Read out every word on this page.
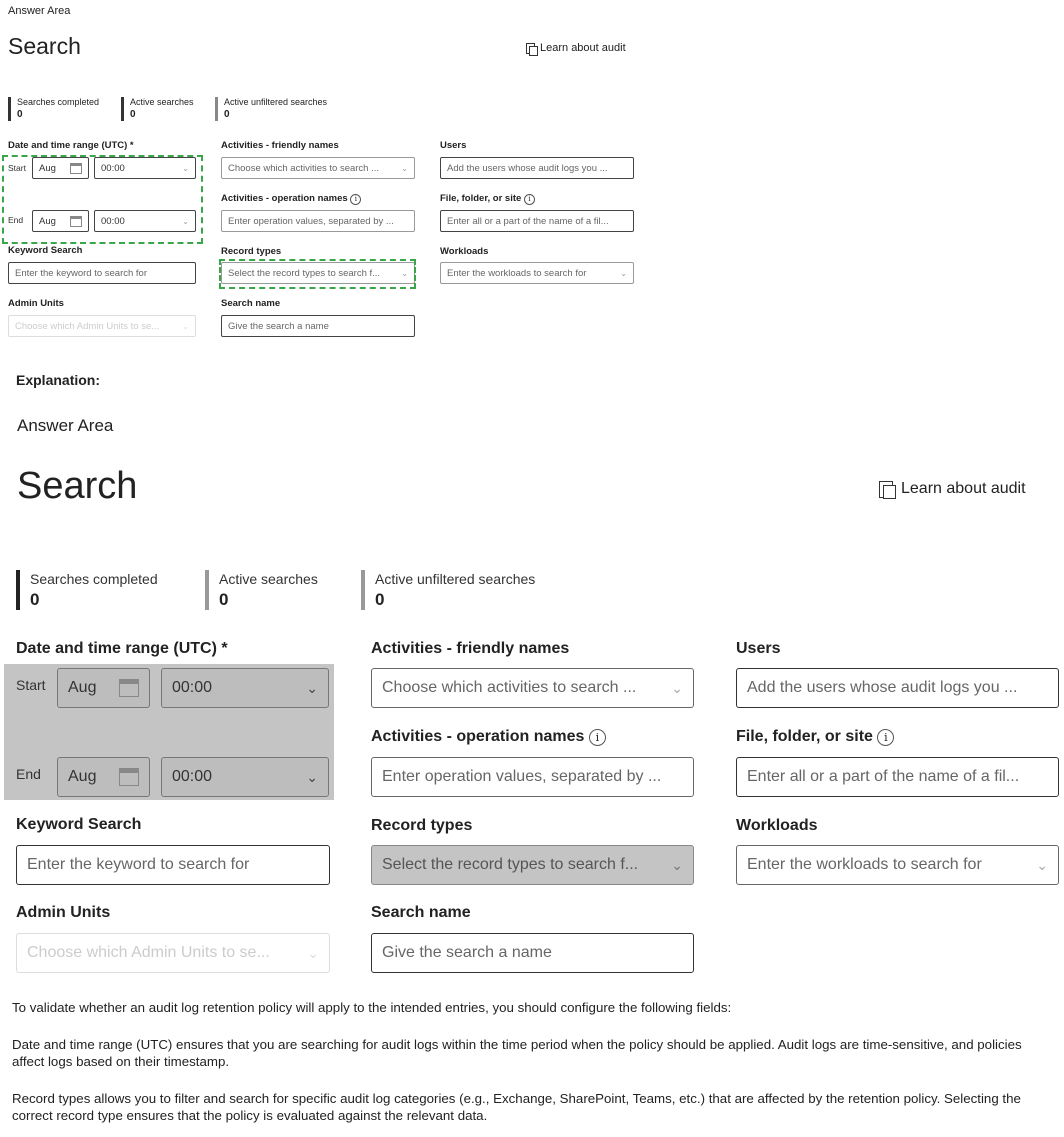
Answer Area
Search	Learn about audit
Searches completed
0
Active searches
0
Active unfiltered searches
0
Date and time range (UTC) *
Start Aug	00:00	⌄
End Aug	00:00	⌄
Keyword Search
Enter the keyword to search for
Admin Units
Choose which Admin Units to se...	⌄
Activities - friendly names
Choose which activities to search ...	⌄
Activities - operation names i
Enter operation values, separated by ...
Record types
Select the record types to search f...	⌄
Search name
Give the search a name
Users
Add the users whose audit logs you ...
File, folder, or site i
Enter all or a part of the name of a fil...
Workloads
Enter the workloads to search for	⌄
Explanation:
Answer Area
Search	Learn about audit
Searches completed
0
Active searches
0
Active unfiltered searches
0
Date and time range (UTC) *
Start Aug	00:00	⌄
End Aug	00:00	⌄
Keyword Search
Enter the keyword to search for
Admin Units
Choose which Admin Units to se...	⌄
Activities - friendly names
Choose which activities to search ...	⌄
Activities - operation names i
Enter operation values, separated by ...
Record types
Select the record types to search f...	⌄
Search name
Give the search a name
Users
Add the users whose audit logs you ...
File, folder, or site i
Enter all or a part of the name of a fil...
Workloads
Enter the workloads to search for	⌄
To validate whether an audit log retention policy will apply to the intended entries, you should configure the following fields:
Date and time range (UTC) ensures that you are searching for audit logs within the time period when the policy should be applied. Audit logs are time-sensitive, and policies affect logs based on their timestamp.
Record types allows you to filter and search for specific audit log categories (e.g., Exchange, SharePoint, Teams, etc.) that are affected by the retention policy. Selecting the correct record type ensures that the policy is evaluated against the relevant data.
